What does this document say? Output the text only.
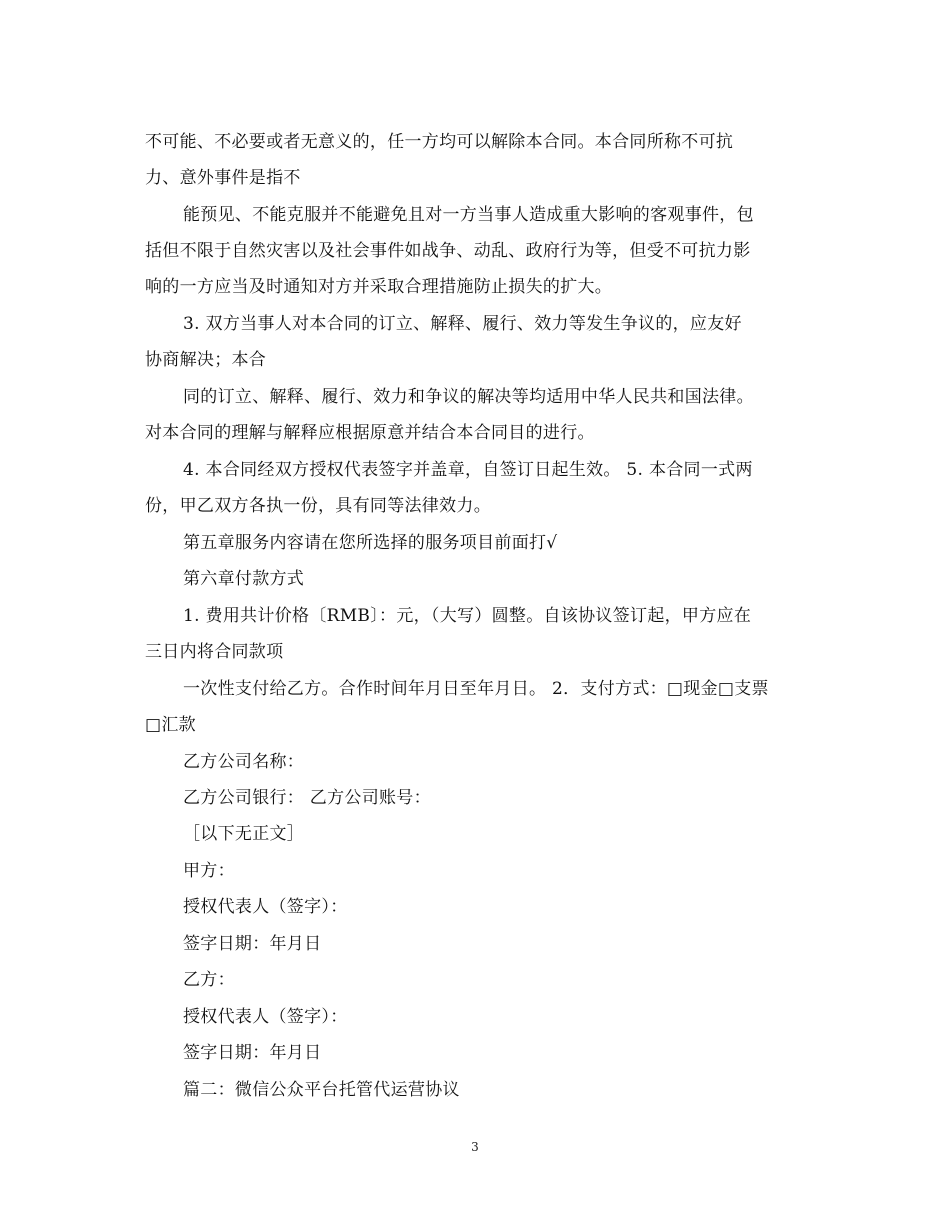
不可能、不必要或者无意义的，任一方均可以解除本合同。本合同所称不可抗
力、意外事件是指不
能预见、不能克服并不能避免且对一方当事人造成重大影响的客观事件，包
括但不限于自然灾害以及社会事件如战争、动乱、政府行为等，但受不可抗力影
响的一方应当及时通知对方并采取合理措施防止损失的扩大。
3. 双方当事人对本合同的订立、解释、履行、效力等发生争议的，应友好
协商解决；本合
同的订立、解释、履行、效力和争议的解决等均适用中华人民共和国法律。
对本合同的理解与解释应根据原意并结合本合同目的进行。
4. 本合同经双方授权代表签字并盖章，自签订日起生效。 5. 本合同一式两
份，甲乙双方各执一份，具有同等法律效力。
第五章服务内容请在您所选择的服务项目前面打√
第六章付款方式
1. 费用共计价格〔RMB〕：元，（大写）圆整。自该协议签订起，甲方应在
三日内将合同款项
一次性支付给乙方。合作时间年月日至年月日。 2．支付方式：□现金□支票
□汇款
乙方公司名称：
乙方公司银行： 乙方公司账号：
［以下无正文］
甲方：
授权代表人（签字）：
签字日期：年月日
乙方：
授权代表人（签字）：
签字日期：年月日
篇二：微信公众平台托管代运营协议
3
